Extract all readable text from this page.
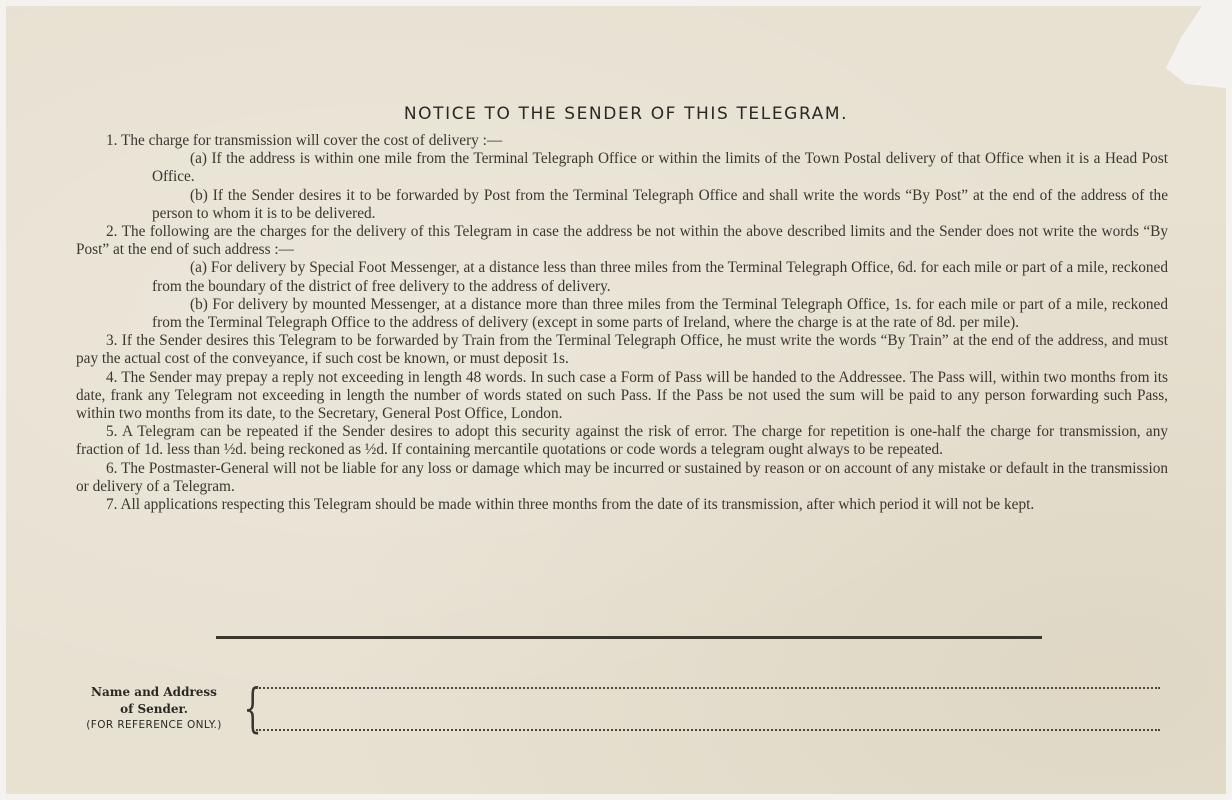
NOTICE TO THE SENDER OF THIS TELEGRAM.

1. The charge for transmission will cover the cost of delivery :—

(a) If the address is within one mile from the Terminal Telegraph Office or within the limits of the Town Postal delivery of that Office when it is a Head Post Office.

(b) If the Sender desires it to be forwarded by Post from the Terminal Telegraph Office and shall write the words “By Post” at the end of the address of the person to whom it is to be delivered.

2. The following are the charges for the delivery of this Telegram in case the address be not within the above described limits and the Sender does not write the words “By Post” at the end of such address :—

(a) For delivery by Special Foot Messenger, at a distance less than three miles from the Terminal Telegraph Office, 6d. for each mile or part of a mile, reckoned from the boundary of the district of free delivery to the address of delivery.

(b) For delivery by mounted Messenger, at a distance more than three miles from the Terminal Telegraph Office, 1s. for each mile or part of a mile, reckoned from the Terminal Telegraph Office to the address of delivery (except in some parts of Ireland, where the charge is at the rate of 8d. per mile).

3. If the Sender desires this Telegram to be forwarded by Train from the Terminal Telegraph Office, he must write the words “By Train” at the end of the address, and must pay the actual cost of the conveyance, if such cost be known, or must deposit 1s.

4. The Sender may prepay a reply not exceeding in length 48 words. In such case a Form of Pass will be handed to the Addressee. The Pass will, within two months from its date, frank any Telegram not exceeding in length the number of words stated on such Pass. If the Pass be not used the sum will be paid to any person forwarding such Pass, within two months from its date, to the Secretary, General Post Office, London.

5. A Telegram can be repeated if the Sender desires to adopt this security against the risk of error. The charge for repetition is one-half the charge for transmission, any fraction of 1d. less than ½d. being reckoned as ½d. If containing mercantile quotations or code words a telegram ought always to be repeated.

6. The Postmaster-General will not be liable for any loss or damage which may be incurred or sustained by reason or on account of any mistake or default in the transmission or delivery of a Telegram.

7. All applications respecting this Telegram should be made within three months from the date of its transmission, after which period it will not be kept.

Name and Address
of Sender.
(FOR REFERENCE ONLY.) {
